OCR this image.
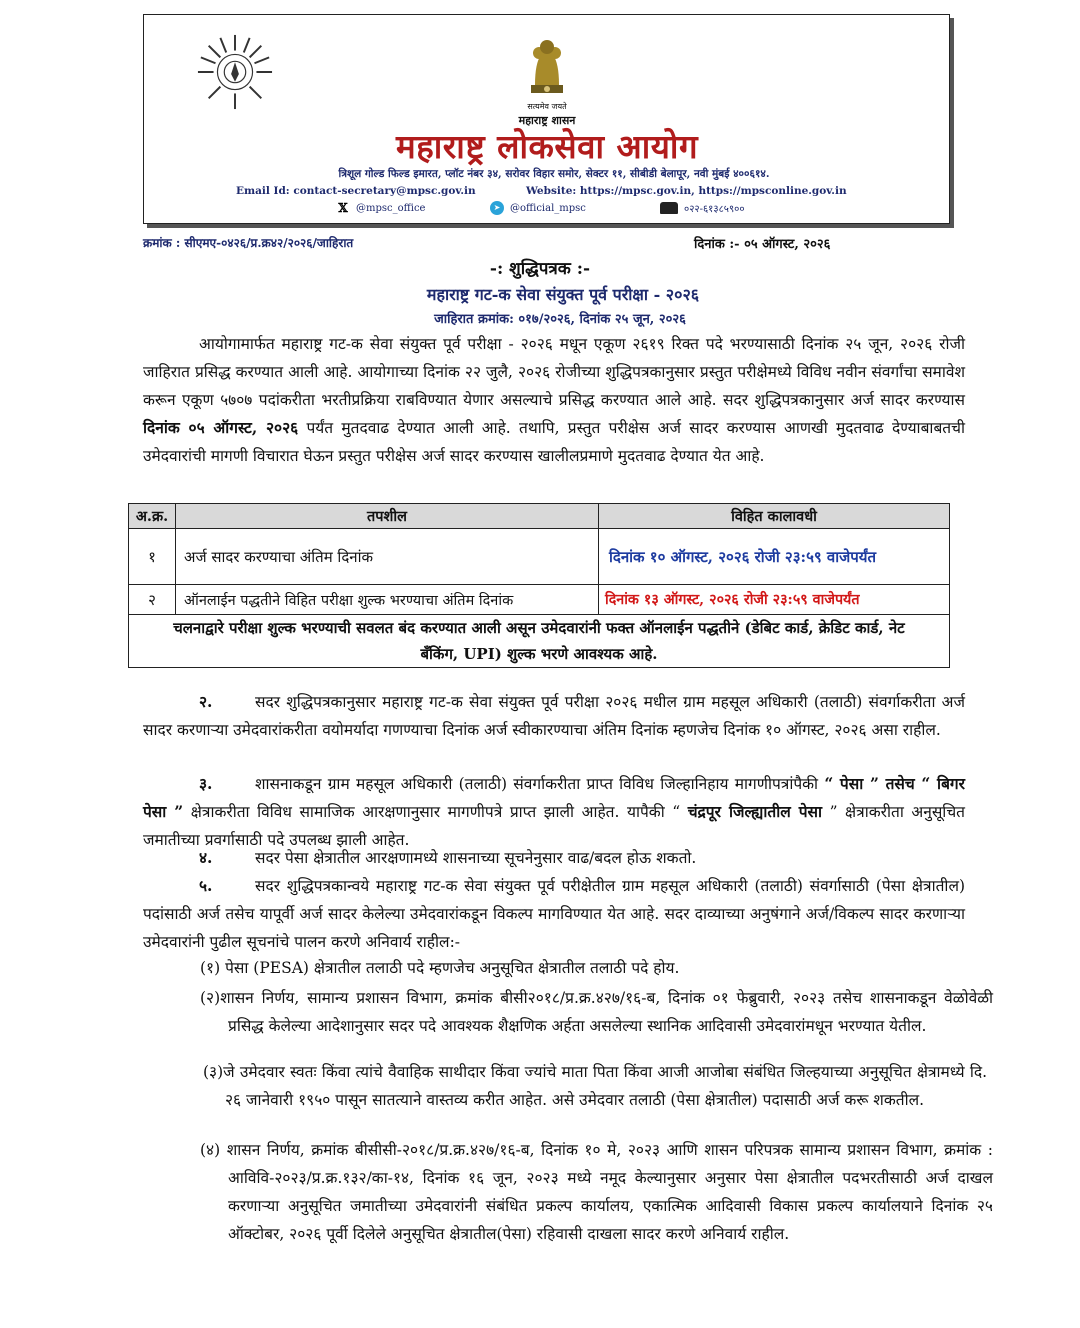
सत्यमेव जयते
महाराष्ट्र शासन
महाराष्ट्र लोकसेवा आयोग
त्रिशूल गोल्ड फिल्ड इमारत, प्लॉट नंबर ३४, सरोवर विहार समोर, सेक्टर ११, सीबीडी बेलापूर, नवी मुंबई ४००६१४.
Email Id: contact-secretary@mpsc.gov.in	Website: https://mpsc.gov.in, https://mpsconline.gov.in
𝕏 @mpsc_office	➤ @official_mpsc	०२२-६१३८५९००
क्रमांक : सीएमए-०४२६/प्र.क्र४२/२०२६/जाहिरात	दिनांक :- ०५ ऑगस्ट, २०२६
-: शुद्धिपत्रक :-
महाराष्ट्र गट-क सेवा संयुक्त पूर्व परीक्षा - २०२६
जाहिरात क्रमांक: ०१७/२०२६, दिनांक २५ जून, २०२६
आयोगामार्फत महाराष्ट्र गट-क सेवा संयुक्त पूर्व परीक्षा - २०२६ मधून एकूण २६१९ रिक्त पदे भरण्यासाठी दिनांक २५ जून, २०२६ रोजी जाहिरात प्रसिद्ध करण्यात आली आहे. आयोगाच्या दिनांक २२ जुलै, २०२६ रोजीच्या शुद्धिपत्रकानुसार प्रस्तुत परीक्षेमध्ये विविध नवीन संवर्गांचा समावेश करून एकूण ५७०७ पदांकरीता भरतीप्रक्रिया राबविण्यात येणार असल्याचे प्रसिद्ध करण्यात आले आहे. सदर शुद्धिपत्रकानुसार अर्ज सादर करण्यास दिनांक ०५ ऑगस्ट, २०२६ पर्यंत मुतदवाढ देण्यात आली आहे. तथापि, प्रस्तुत परीक्षेस अर्ज सादर करण्यास आणखी मुदतवाढ देण्याबाबतची उमेदवारांची मागणी विचारात घेऊन प्रस्तुत परीक्षेस अर्ज सादर करण्यास खालीलप्रमाणे मुदतवाढ देण्यात येत आहे.
अ.क्र.	तपशील	विहित कालावधी
१	अर्ज सादर करण्याचा अंतिम दिनांक	दिनांक १० ऑगस्ट, २०२६ रोजी २३:५९ वाजेपर्यंत
२	ऑनलाईन पद्धतीने विहित परीक्षा शुल्क भरण्याचा अंतिम दिनांक	दिनांक १३ ऑगस्ट, २०२६ रोजी २३:५९ वाजेपर्यंत
चलनाद्वारे परीक्षा शुल्क भरण्याची सवलत बंद करण्यात आली असून उमेदवारांनी फक्त ऑनलाईन पद्धतीने (डेबिट कार्ड, क्रेडिट कार्ड, नेट बँकिंग, UPI) शुल्क भरणे आवश्यक आहे.		
२.	सदर शुद्धिपत्रकानुसार महाराष्ट्र गट-क सेवा संयुक्त पूर्व परीक्षा २०२६ मधील ग्राम महसूल अधिकारी (तलाठी) संवर्गाकरीता अर्ज सादर करणाऱ्या उमेदवारांकरीता वयोमर्यादा गणण्याचा दिनांक अर्ज स्वीकारण्याचा अंतिम दिनांक म्हणजेच दिनांक १० ऑगस्ट, २०२६ असा राहील.
३.	शासनाकडून ग्राम महसूल अधिकारी (तलाठी) संवर्गाकरीता प्राप्त विविध जिल्हानिहाय मागणीपत्रांपैकी “ पेसा ” तसेच “ बिगर पेसा ” क्षेत्राकरीता विविध सामाजिक आरक्षणानुसार मागणीपत्रे प्राप्त झाली आहेत. यापैकी “ चंद्रपूर जिल्ह्यातील पेसा ” क्षेत्राकरीता अनुसूचित जमातीच्या प्रवर्गासाठी पदे उपलब्ध झाली आहेत.
४.	सदर पेसा क्षेत्रातील आरक्षणामध्ये शासनाच्या सूचनेनुसार वाढ/बदल होऊ शकतो.
५.	सदर शुद्धिपत्रकान्वये महाराष्ट्र गट-क सेवा संयुक्त पूर्व परीक्षेतील ग्राम महसूल अधिकारी (तलाठी) संवर्गासाठी (पेसा क्षेत्रातील) पदांसाठी अर्ज तसेच यापूर्वी अर्ज सादर केलेल्या उमेदवारांकडून विकल्प मागविण्यात येत आहे. सदर दाव्याच्या अनुषंगाने अर्ज/विकल्प सादर करणाऱ्या उमेदवारांनी पुढील सूचनांचे पालन करणे अनिवार्य राहील:-
(१) पेसा (PESA) क्षेत्रातील तलाठी पदे म्हणजेच अनुसूचित क्षेत्रातील तलाठी पदे होय.
(२)शासन निर्णय, सामान्य प्रशासन विभाग, क्रमांक बीसी२०१८/प्र.क्र.४२७/१६-ब, दिनांक ०१ फेब्रुवारी, २०२३ तसेच शासनाकडून वेळोवेळी प्रसिद्ध केलेल्या आदेशानुसार सदर पदे आवश्यक शैक्षणिक अर्हता असलेल्या स्थानिक आदिवासी उमेदवारांमधून भरण्यात येतील.
(३)जे उमेदवार स्वतः किंवा त्यांचे वैवाहिक साथीदार किंवा ज्यांचे माता पिता किंवा आजी आजोबा संबंधित जिल्हयाच्या अनुसूचित क्षेत्रामध्ये दि. २६ जानेवारी १९५० पासून सातत्याने वास्तव्य करीत आहेत. असे उमेदवार तलाठी (पेसा क्षेत्रातील) पदासाठी अर्ज करू शकतील.
(४) शासन निर्णय, क्रमांक बीसीसी-२०१८/प्र.क्र.४२७/१६-ब, दिनांक १० मे, २०२३ आणि शासन परिपत्रक सामान्य प्रशासन विभाग, क्रमांक : आविवि-२०२३/प्र.क्र.१३२/का-१४, दिनांक १६ जून, २०२३ मध्ये नमूद केल्यानुसार अनुसार पेसा क्षेत्रातील पदभरतीसाठी अर्ज दाखल करणाऱ्या अनुसूचित जमातीच्या उमेदवारांनी संबंधित प्रकल्प कार्यालय, एकात्मिक आदिवासी विकास प्रकल्प कार्यालयाने दिनांक २५ ऑक्टोबर, २०२६ पूर्वी दिलेले अनुसूचित क्षेत्रातील(पेसा) रहिवासी दाखला सादर करणे अनिवार्य राहील.
